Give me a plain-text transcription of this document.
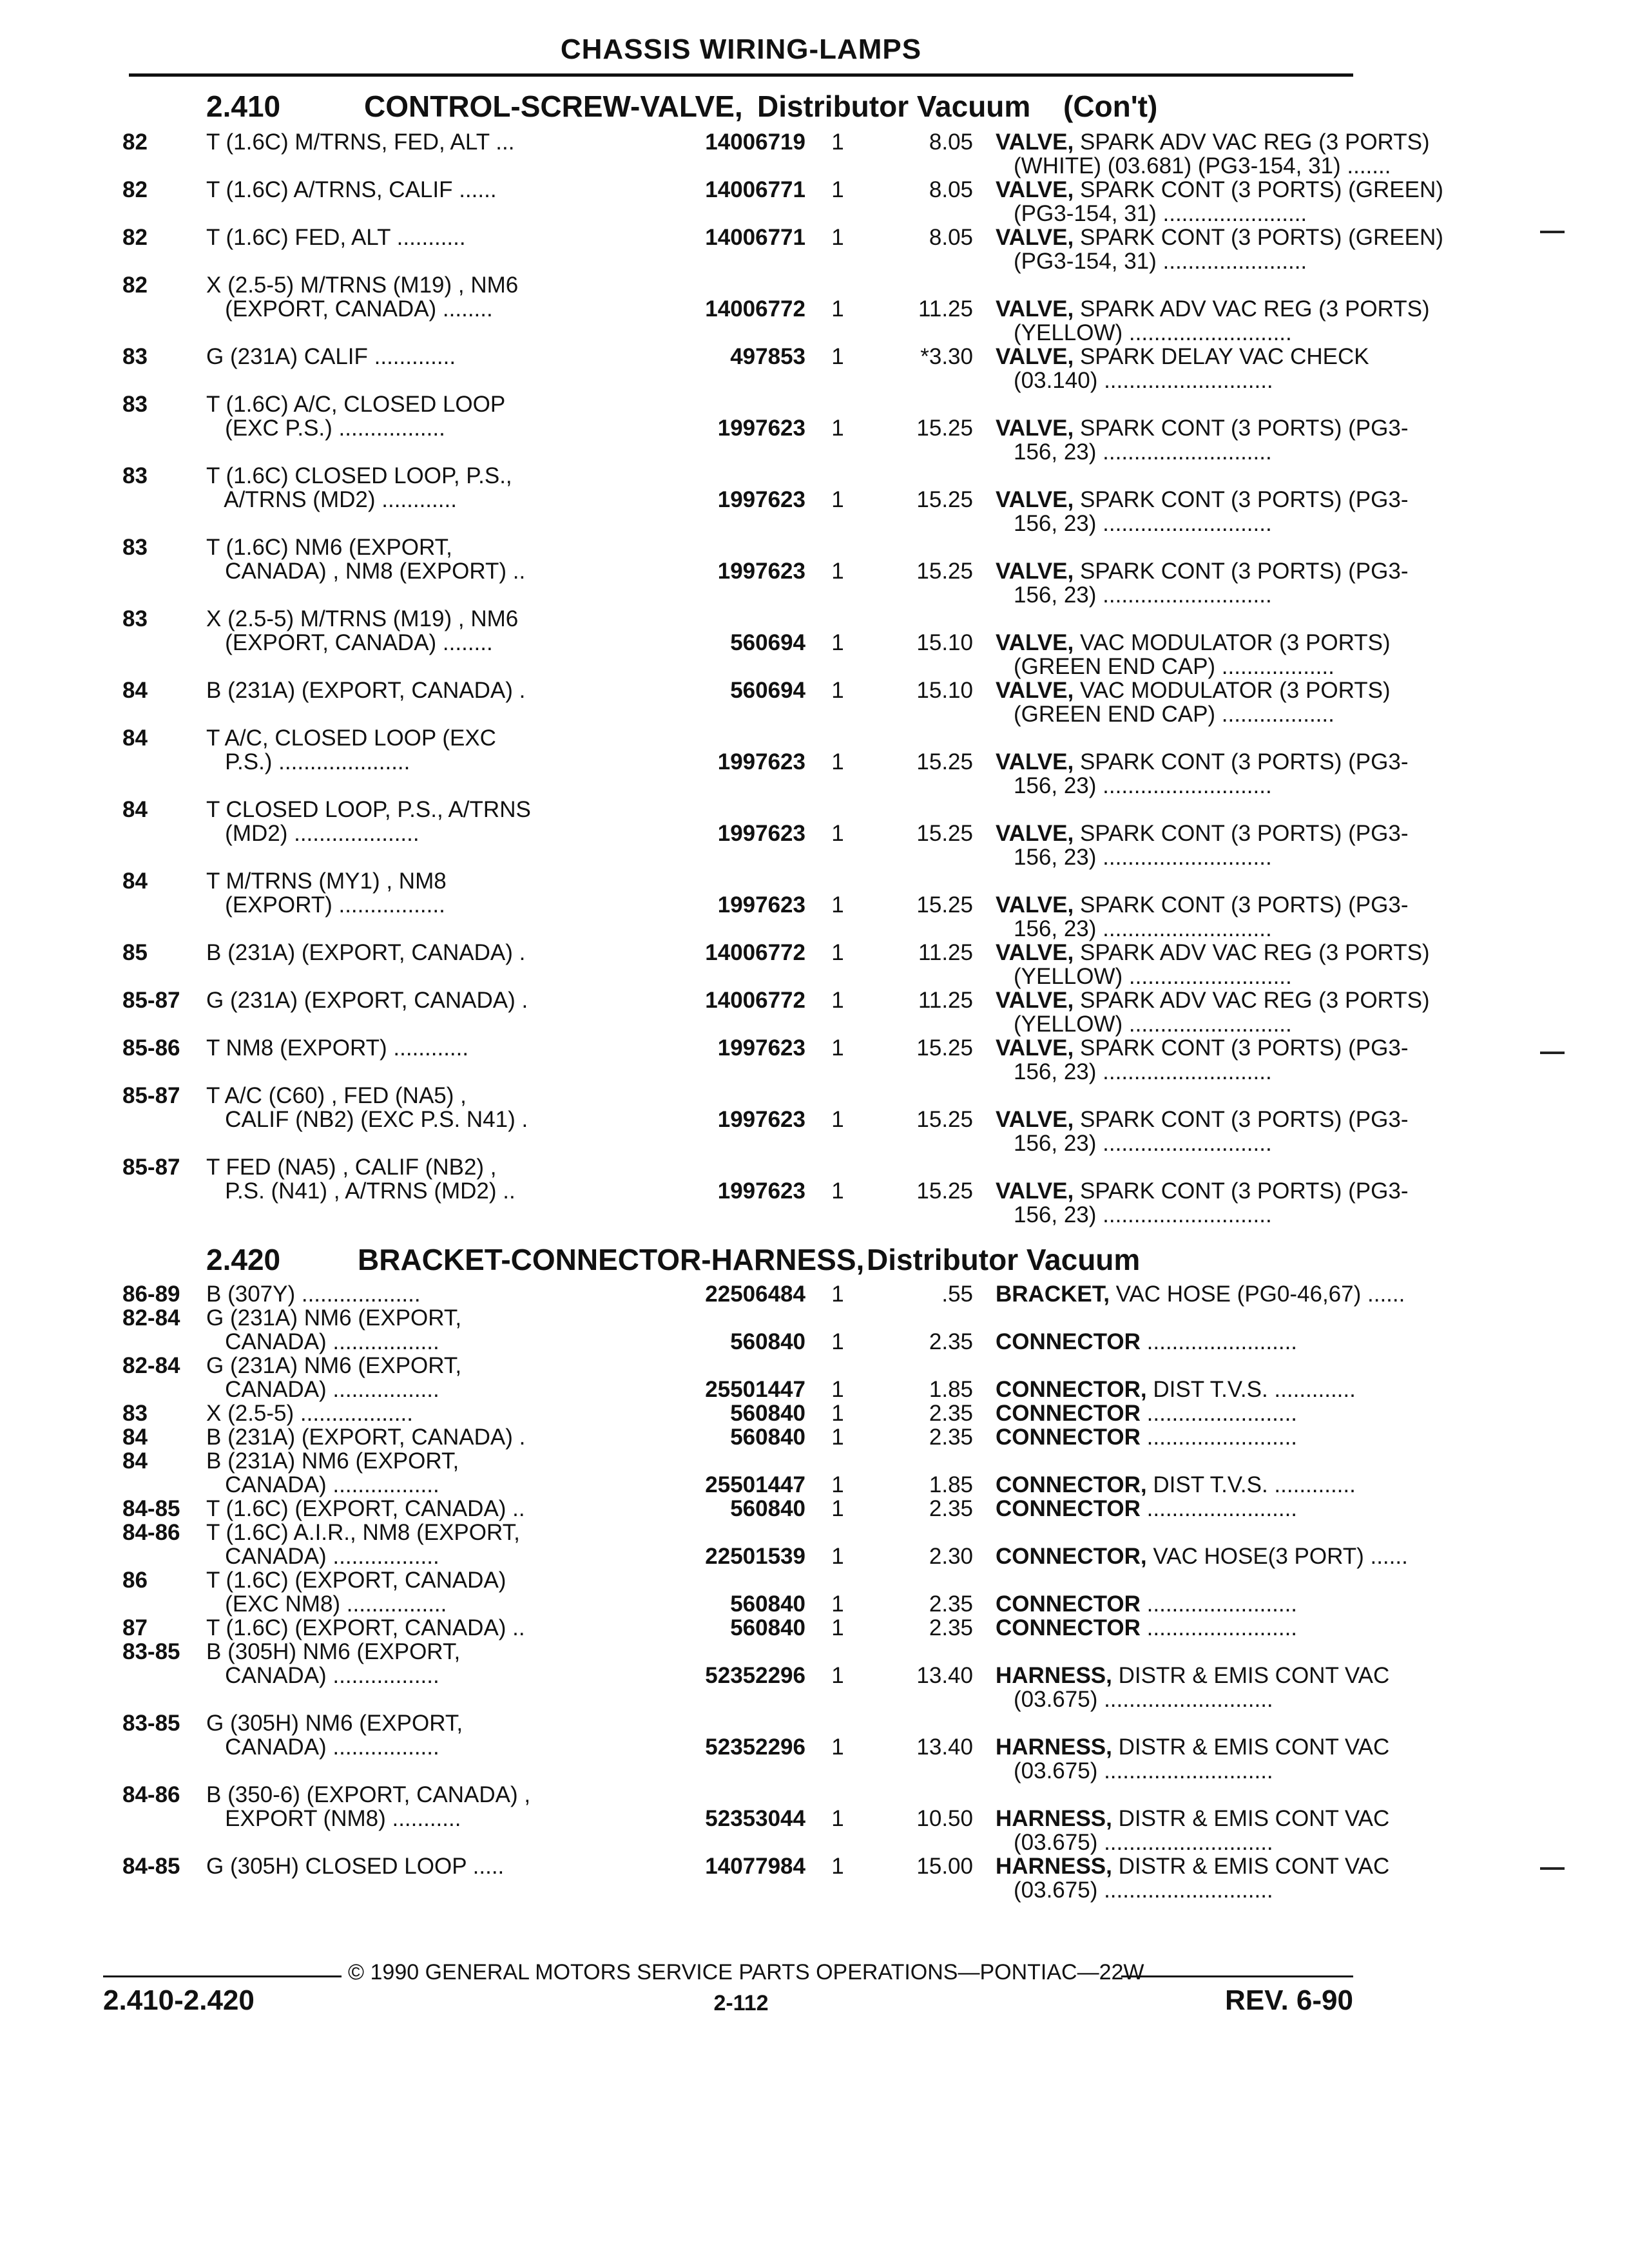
CHASSIS WIRING-LAMPS
2.410	CONTROL-SCREW-VALVE, Distributor Vacuum (Con't)
82	T (1.6C) M/TRNS, FED, ALT ...	14006719	1	8.05 VALVE, SPARK ADV VAC REG (3 PORTS)
(WHITE) (03.681) (PG3-154, 31) .......
82	T (1.6C) A/TRNS, CALIF ......	14006771	1	8.05 VALVE, SPARK CONT (3 PORTS) (GREEN)
(PG3-154, 31) .......................
82	T (1.6C) FED, ALT ...........	14006771	1	8.05 VALVE, SPARK CONT (3 PORTS) (GREEN)
(PG3-154, 31) .......................
82	X (2.5-5) M/TRNS (M19) , NM6
(EXPORT, CANADA) ........	14006772	1	11.25 VALVE, SPARK ADV VAC REG (3 PORTS)
(YELLOW) ..........................
83	G (231A) CALIF .............	497853	1	*3.30 VALVE, SPARK DELAY VAC CHECK
(03.140) ...........................
83	T (1.6C) A/C, CLOSED LOOP
(EXC P.S.) .................	1997623	1	15.25 VALVE, SPARK CONT (3 PORTS) (PG3-
156, 23) ...........................
83	T (1.6C) CLOSED LOOP, P.S.,
A/TRNS (MD2) ............	1997623	1	15.25 VALVE, SPARK CONT (3 PORTS) (PG3-
156, 23) ...........................
83	T (1.6C) NM6 (EXPORT,
CANADA) , NM8 (EXPORT) ..	1997623	1	15.25 VALVE, SPARK CONT (3 PORTS) (PG3-
156, 23) ...........................
83	X (2.5-5) M/TRNS (M19) , NM6
(EXPORT, CANADA) ........	560694	1	15.10 VALVE, VAC MODULATOR (3 PORTS)
(GREEN END CAP) ..................
84	B (231A) (EXPORT, CANADA) .	560694	1	15.10 VALVE, VAC MODULATOR (3 PORTS)
(GREEN END CAP) ..................
84	T A/C, CLOSED LOOP (EXC
P.S.) .....................	1997623	1	15.25 VALVE, SPARK CONT (3 PORTS) (PG3-
156, 23) ...........................
84	T CLOSED LOOP, P.S., A/TRNS
(MD2) ....................	1997623	1	15.25 VALVE, SPARK CONT (3 PORTS) (PG3-
156, 23) ...........................
84	T M/TRNS (MY1) , NM8
(EXPORT) .................	1997623	1	15.25 VALVE, SPARK CONT (3 PORTS) (PG3-
156, 23) ...........................
85	B (231A) (EXPORT, CANADA) .	14006772	1	11.25 VALVE, SPARK ADV VAC REG (3 PORTS)
(YELLOW) ..........................
85-87	G (231A) (EXPORT, CANADA) .	14006772	1	11.25 VALVE, SPARK ADV VAC REG (3 PORTS)
(YELLOW) ..........................
85-86	T NM8 (EXPORT) ............	1997623	1	15.25 VALVE, SPARK CONT (3 PORTS) (PG3-
156, 23) ...........................
85-87	T A/C (C60) , FED (NA5) ,
CALIF (NB2) (EXC P.S. N41) .	1997623	1	15.25 VALVE, SPARK CONT (3 PORTS) (PG3-
156, 23) ...........................
85-87	T FED (NA5) , CALIF (NB2) ,
P.S. (N41) , A/TRNS (MD2) ..	1997623	1	15.25 VALVE, SPARK CONT (3 PORTS) (PG3-
156, 23) ...........................
2.420	BRACKET-CONNECTOR-HARNESS, Distributor Vacuum
86-89	B (307Y) ...................	22506484	1	.55 BRACKET, VAC HOSE (PG0-46,67) ......
82-84	G (231A) NM6 (EXPORT,
CANADA) .................	560840	1	2.35 CONNECTOR ........................
82-84	G (231A) NM6 (EXPORT,
CANADA) .................	25501447	1	1.85 CONNECTOR, DIST T.V.S. .............
83	X (2.5-5) ..................	560840	1	2.35 CONNECTOR ........................
84	B (231A) (EXPORT, CANADA) .	560840	1	2.35 CONNECTOR ........................
84	B (231A) NM6 (EXPORT,
CANADA) .................	25501447	1	1.85 CONNECTOR, DIST T.V.S. .............
84-85	T (1.6C) (EXPORT, CANADA) ..	560840	1	2.35 CONNECTOR ........................
84-86	T (1.6C) A.I.R., NM8 (EXPORT,
CANADA) .................	22501539	1	2.30 CONNECTOR, VAC HOSE(3 PORT) ......
86	T (1.6C) (EXPORT, CANADA)
(EXC NM8) ................	560840	1	2.35 CONNECTOR ........................
87	T (1.6C) (EXPORT, CANADA) ..	560840	1	2.35 CONNECTOR ........................
83-85	B (305H) NM6 (EXPORT,
CANADA) .................	52352296	1	13.40 HARNESS, DISTR & EMIS CONT VAC
(03.675) ...........................
83-85	G (305H) NM6 (EXPORT,
CANADA) .................	52352296	1	13.40 HARNESS, DISTR & EMIS CONT VAC
(03.675) ...........................
84-86	B (350-6) (EXPORT, CANADA) ,
EXPORT (NM8) ...........	52353044	1	10.50 HARNESS, DISTR & EMIS CONT VAC
(03.675) ...........................
84-85	G (305H) CLOSED LOOP .....	14077984	1	15.00 HARNESS, DISTR & EMIS CONT VAC
(03.675) ...........................
© 1990 GENERAL MOTORS SERVICE PARTS OPERATIONS—PONTIAC—22W
2.410-2.420	2-112	REV. 6-90
